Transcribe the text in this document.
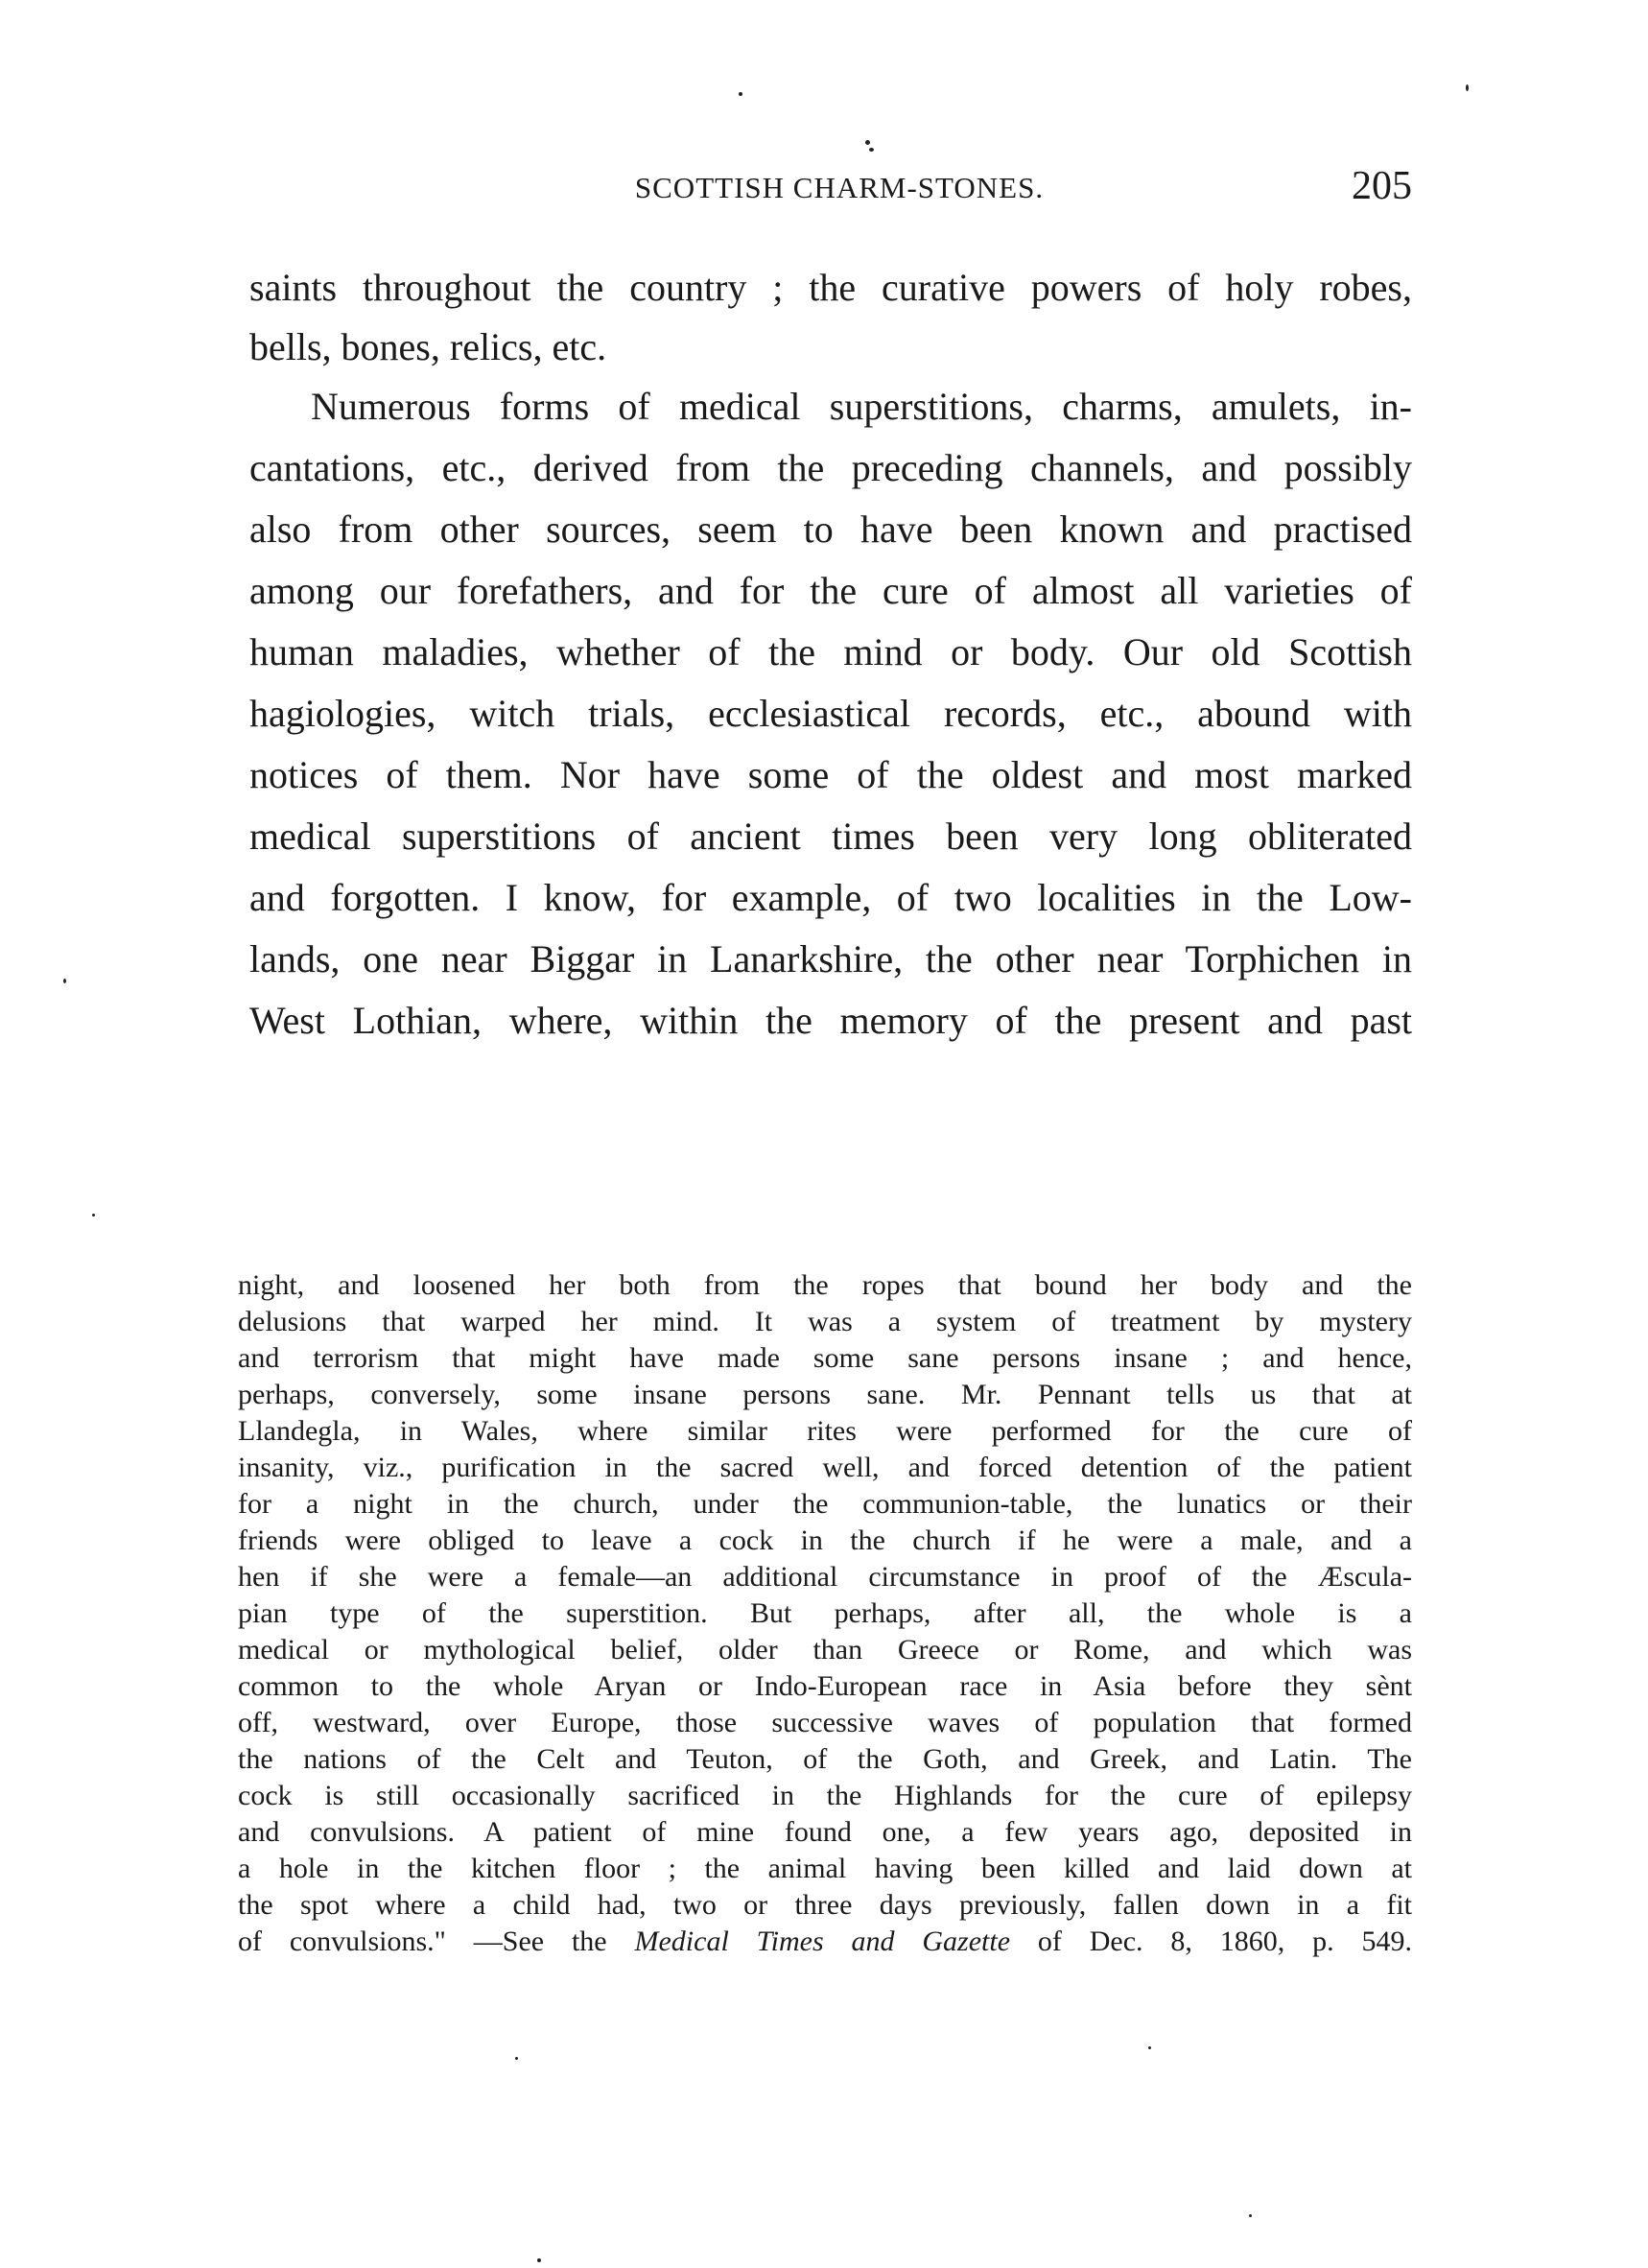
SCOTTISH CHARM-STONES.	205
saints throughout the country ; the curative powers of holy robes,
bells, bones, relics, etc.
Numerous forms of medical superstitions, charms, amulets, in-
cantations, etc., derived from the preceding channels, and possibly
also from other sources, seem to have been known and practised
among our forefathers, and for the cure of almost all varieties of
human maladies, whether of the mind or body. Our old Scottish
hagiologies, witch trials, ecclesiastical records, etc., abound with
notices of them. Nor have some of the oldest and most marked
medical superstitions of ancient times been very long obliterated
and forgotten. I know, for example, of two localities in the Low-
lands, one near Biggar in Lanarkshire, the other near Torphichen in
West Lothian, where, within the memory of the present and past
night, and loosened her both from the ropes that bound her body and the
delusions that warped her mind. It was a system of treatment by mystery
and terrorism that might have made some sane persons insane ; and hence,
perhaps, conversely, some insane persons sane. Mr. Pennant tells us that at
Llandegla, in Wales, where similar rites were performed for the cure of
insanity, viz., purification in the sacred well, and forced detention of the patient
for a night in the church, under the communion-table, the lunatics or their
friends were obliged to leave a cock in the church if he were a male, and a
hen if she were a female—an additional circumstance in proof of the Æscula-
pian type of the superstition. But perhaps, after all, the whole is a
medical or mythological belief, older than Greece or Rome, and which was
common to the whole Aryan or Indo-European race in Asia before they sènt
off, westward, over Europe, those successive waves of population that formed
the nations of the Celt and Teuton, of the Goth, and Greek, and Latin. The
cock is still occasionally sacrificed in the Highlands for the cure of epilepsy
and convulsions. A patient of mine found one, a few years ago, deposited in
a hole in the kitchen floor ; the animal having been killed and laid down at
the spot where a child had, two or three days previously, fallen down in a fit
of convulsions." —See the Medical Times and Gazette of Dec. 8, 1860, p. 549.
